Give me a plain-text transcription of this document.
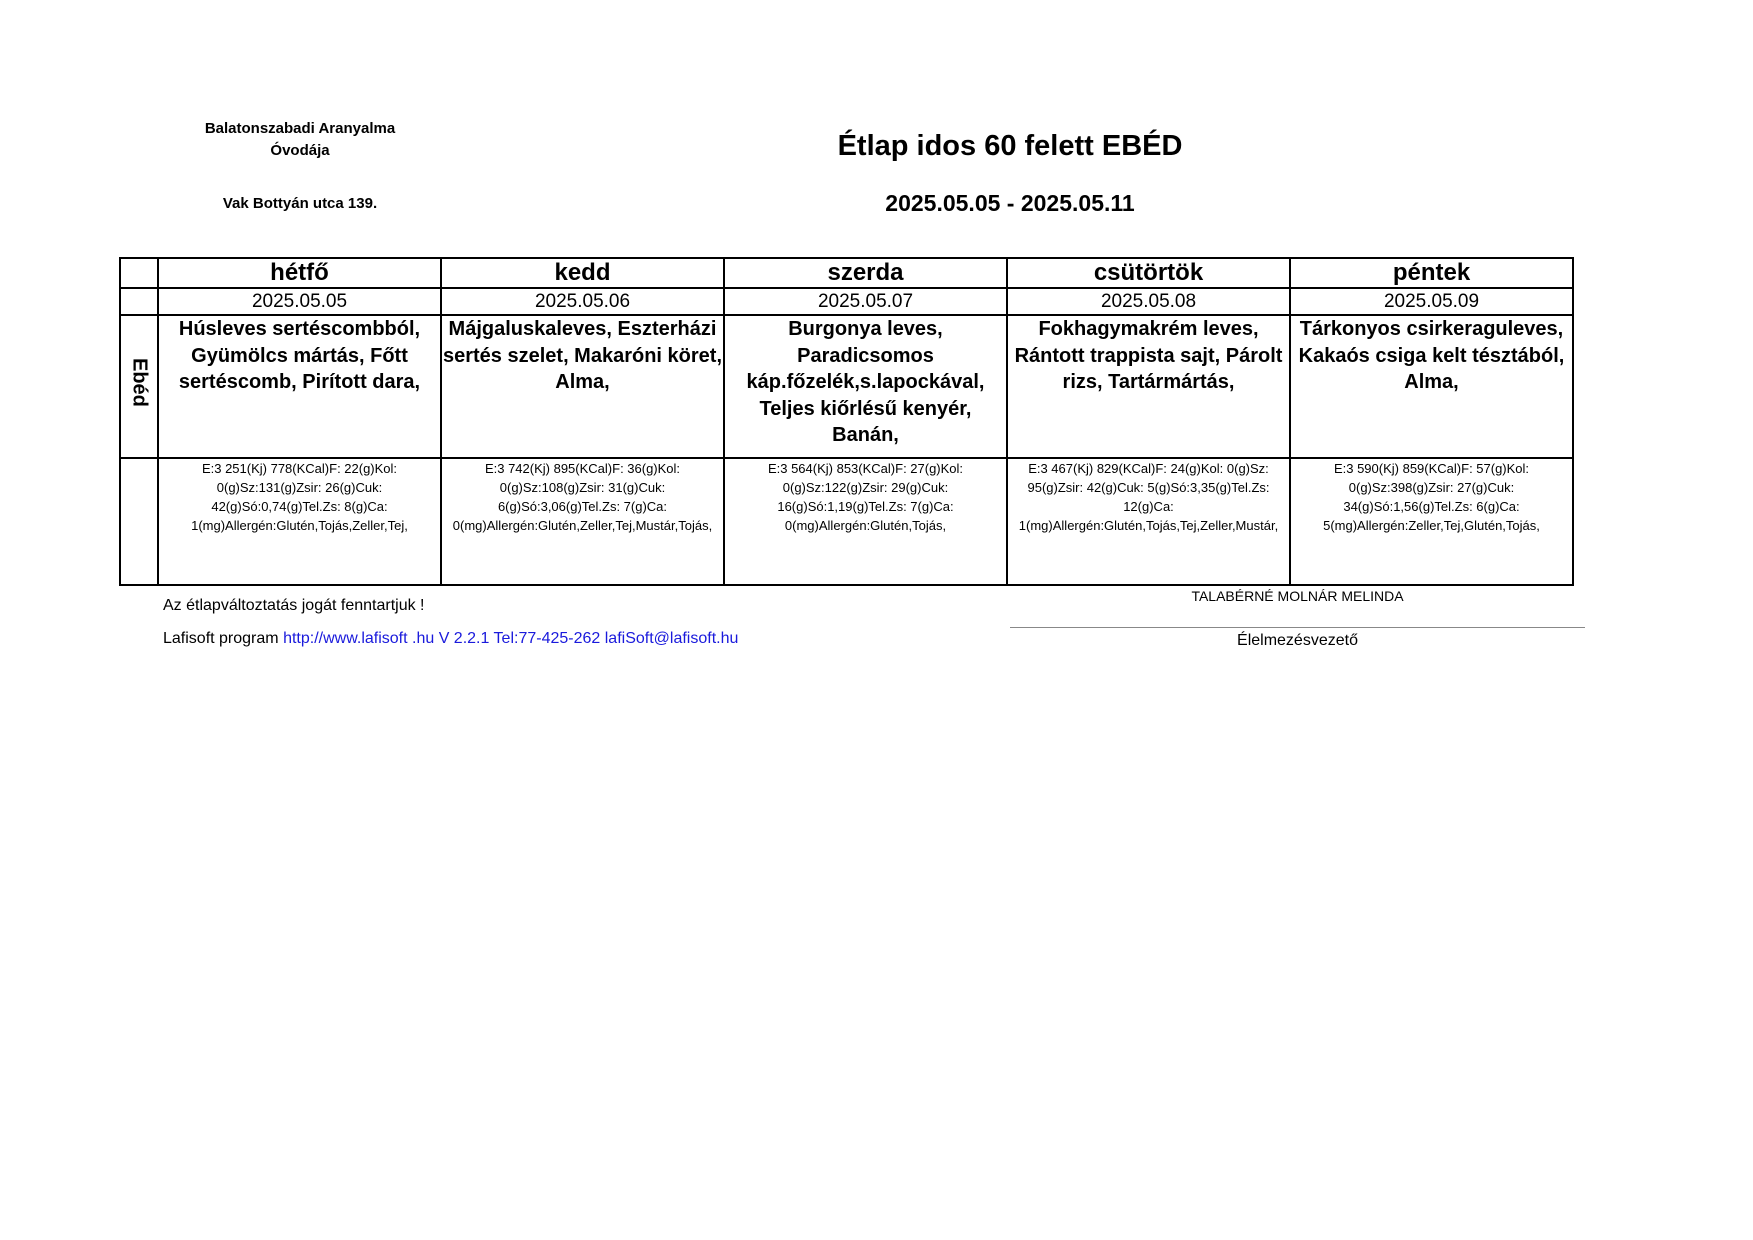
Balatonszabadi Aranyalma
Óvodája
Vak Bottyán utca 139.
Étlap idos 60 felett EBÉD
2025.05.05 - 2025.05.11
	hétfő	kedd	szerda	csütörtök	péntek
	2025.05.05	2025.05.06	2025.05.07	2025.05.08	2025.05.09
Ebéd	Húsleves sertéscombból, Gyümölcs mártás, Főtt sertéscomb, Pirított dara,	Májgaluskaleves, Eszterházi sertés szelet, Makaróni köret, Alma,	Burgonya leves, Paradicsomos káp.főzelék,s.lapockával, Teljes kiőrlésű kenyér, Banán,	Fokhagymakrém leves, Rántott trappista sajt, Párolt rizs, Tartármártás,	Tárkonyos csirkeraguleves, Kakaós csiga kelt tésztából, Alma,
	E:3 251(Kj) 778(KCal)F: 22(g)Kol: 0(g)Sz:131(g)Zsir: 26(g)Cuk: 42(g)Só:0,74(g)Tel.Zs: 8(g)Ca: 1(mg)Allergén:Glutén,Tojás,Zeller,Tej,	E:3 742(Kj) 895(KCal)F: 36(g)Kol: 0(g)Sz:108(g)Zsir: 31(g)Cuk: 6(g)Só:3,06(g)Tel.Zs: 7(g)Ca: 0(mg)Allergén:Glutén,Zeller,Tej,Mustár,Tojás,	E:3 564(Kj) 853(KCal)F: 27(g)Kol: 0(g)Sz:122(g)Zsir: 29(g)Cuk: 16(g)Só:1,19(g)Tel.Zs: 7(g)Ca: 0(mg)Allergén:Glutén,Tojás,	E:3 467(Kj) 829(KCal)F: 24(g)Kol: 0(g)Sz: 95(g)Zsir: 42(g)Cuk: 5(g)Só:3,35(g)Tel.Zs: 12(g)Ca: 1(mg)Allergén:Glutén,Tojás,Tej,Zeller,Mustár,	E:3 590(Kj) 859(KCal)F: 57(g)Kol: 0(g)Sz:398(g)Zsir: 27(g)Cuk: 34(g)Só:1,56(g)Tel.Zs: 6(g)Ca: 5(mg)Allergén:Zeller,Tej,Glutén,Tojás,
Az étlapváltoztatás jogát fenntartjuk !
Lafisoft program http://www.lafisoft .hu V 2.2.1 Tel:77-425-262 lafiSoft@lafisoft.hu
TALABÉRNÉ MOLNÁR MELINDA
Élelmezésvezető
